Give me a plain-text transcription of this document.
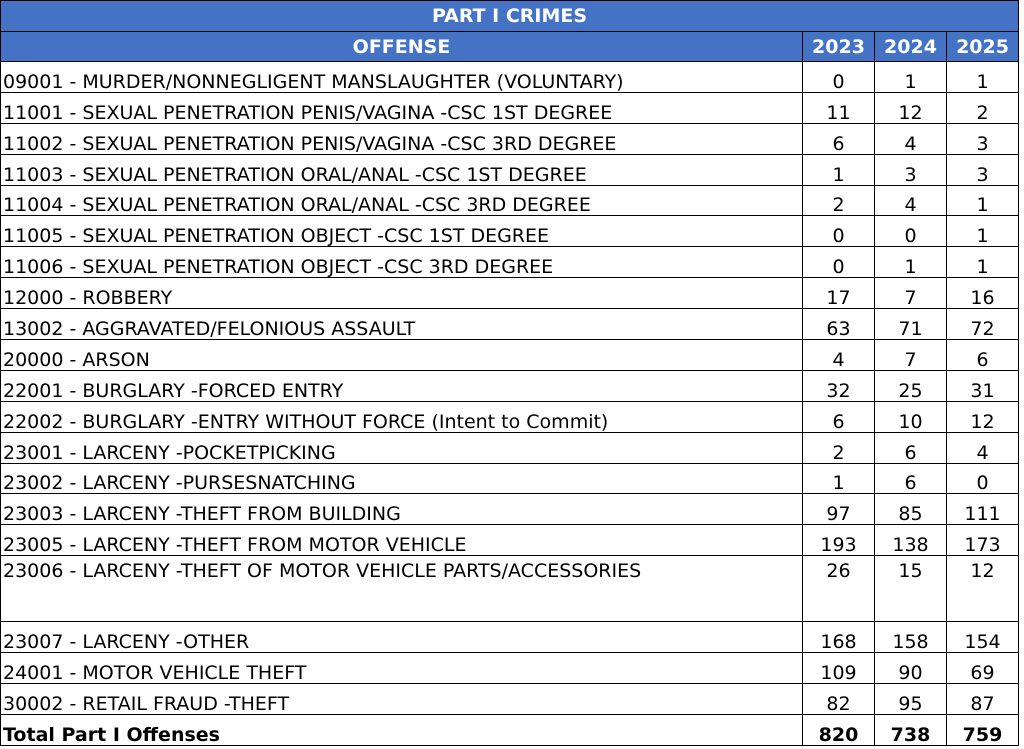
PART I CRIMES			
OFFENSE	2023	2024	2025
09001 - MURDER/NONNEGLIGENT MANSLAUGHTER (VOLUNTARY)	0	1	1
11001 - SEXUAL PENETRATION PENIS/VAGINA -CSC 1ST DEGREE	11	12	2
11002 - SEXUAL PENETRATION PENIS/VAGINA -CSC 3RD DEGREE	6	4	3
11003 - SEXUAL PENETRATION ORAL/ANAL -CSC 1ST DEGREE	1	3	3
11004 - SEXUAL PENETRATION ORAL/ANAL -CSC 3RD DEGREE	2	4	1
11005 - SEXUAL PENETRATION OBJECT -CSC 1ST DEGREE	0	0	1
11006 - SEXUAL PENETRATION OBJECT -CSC 3RD DEGREE	0	1	1
12000 - ROBBERY	17	7	16
13002 - AGGRAVATED/FELONIOUS ASSAULT	63	71	72
20000 - ARSON	4	7	6
22001 - BURGLARY -FORCED ENTRY	32	25	31
22002 - BURGLARY -ENTRY WITHOUT FORCE (Intent to Commit)	6	10	12
23001 - LARCENY -POCKETPICKING	2	6	4
23002 - LARCENY -PURSESNATCHING	1	6	0
23003 - LARCENY -THEFT FROM BUILDING	97	85	111
23005 - LARCENY -THEFT FROM MOTOR VEHICLE	193	138	173
23006 - LARCENY -THEFT OF MOTOR VEHICLE PARTS/ACCESSORIES	26	15	12
23007 - LARCENY -OTHER	168	158	154
24001 - MOTOR VEHICLE THEFT	109	90	69
30002 - RETAIL FRAUD -THEFT	82	95	87
Total Part I Offenses	820	738	759
